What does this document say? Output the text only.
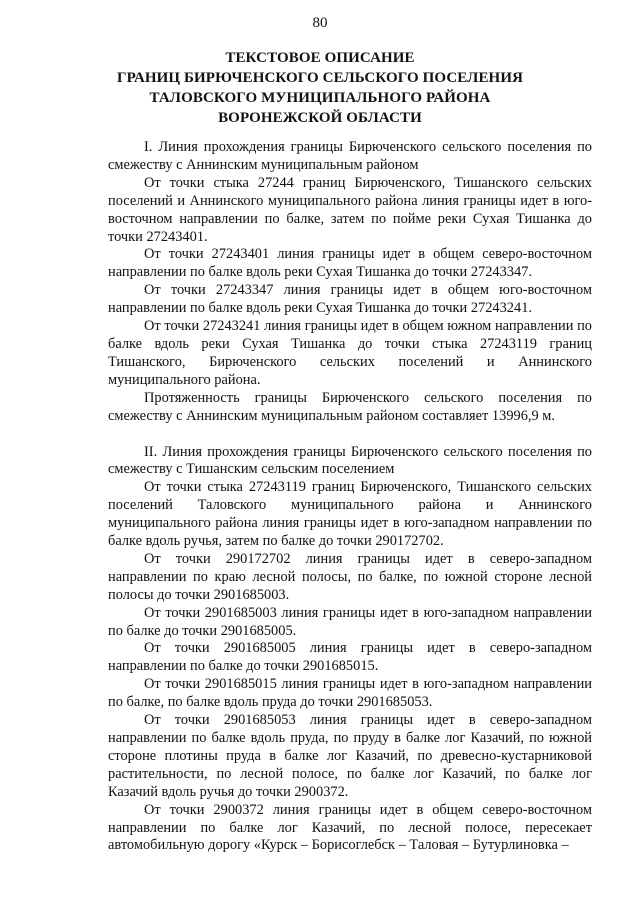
80
ТЕКСТОВОЕ ОПИСАНИЕ
ГРАНИЦ БИРЮЧЕНСКОГО СЕЛЬСКОГО ПОСЕЛЕНИЯ
ТАЛОВСКОГО МУНИЦИПАЛЬНОГО РАЙОНА
ВОРОНЕЖСКОЙ ОБЛАСТИ

I. Линия прохождения границы Бирюченского сельского поселения по смежеству с Аннинским муниципальным районом

От точки стыка 27244 границ Бирюченского, Тишанского сельских поселений и Аннинского муниципального района линия границы идет в юго-восточном направлении по балке, затем по пойме реки Сухая Тишанка до точки 27243401.

От точки 27243401 линия границы идет в общем северо-восточном направлении по балке вдоль реки Сухая Тишанка до точки 27243347.

От точки 27243347 линия границы идет в общем юго-восточном направлении по балке вдоль реки Сухая Тишанка до точки 27243241.

От точки 27243241 линия границы идет в общем южном направлении по балке вдоль реки Сухая Тишанка до точки стыка 27243119 границ Тишанского, Бирюченского сельских поселений и Аннинского муниципального района.

Протяженность границы Бирюченского сельского поселения по смежеству с Аннинским муниципальным районом составляет 13996,9 м.

II. Линия прохождения границы Бирюченского сельского поселения по смежеству с Тишанским сельским поселением

От точки стыка 27243119 границ Бирюченского, Тишанского сельских поселений Таловского муниципального района и Аннинского муниципального района линия границы идет в юго-западном направлении по балке вдоль ручья, затем по балке до точки 290172702.

От точки 290172702 линия границы идет в северо-западном направлении по краю лесной полосы, по балке, по южной стороне лесной полосы до точки 2901685003.

От точки 2901685003 линия границы идет в юго-западном направлении по балке до точки 2901685005.

От точки 2901685005 линия границы идет в северо-западном направлении по балке до точки 2901685015.

От точки 2901685015 линия границы идет в юго-западном направлении по балке, по балке вдоль пруда до точки 2901685053.

От точки 2901685053 линия границы идет в северо-западном направлении по балке вдоль пруда, по пруду в балке лог Казачий, по южной стороне плотины пруда в балке лог Казачий, по древесно-кустарниковой растительности, по лесной полосе, по балке лог Казачий, по балке лог Казачий вдоль ручья до точки 2900372.

От точки 2900372 линия границы идет в общем северо-восточном направлении по балке лог Казачий, по лесной полосе, пересекает автомобильную дорогу «Курск – Борисоглебск – Таловая – Бутурлиновка –
